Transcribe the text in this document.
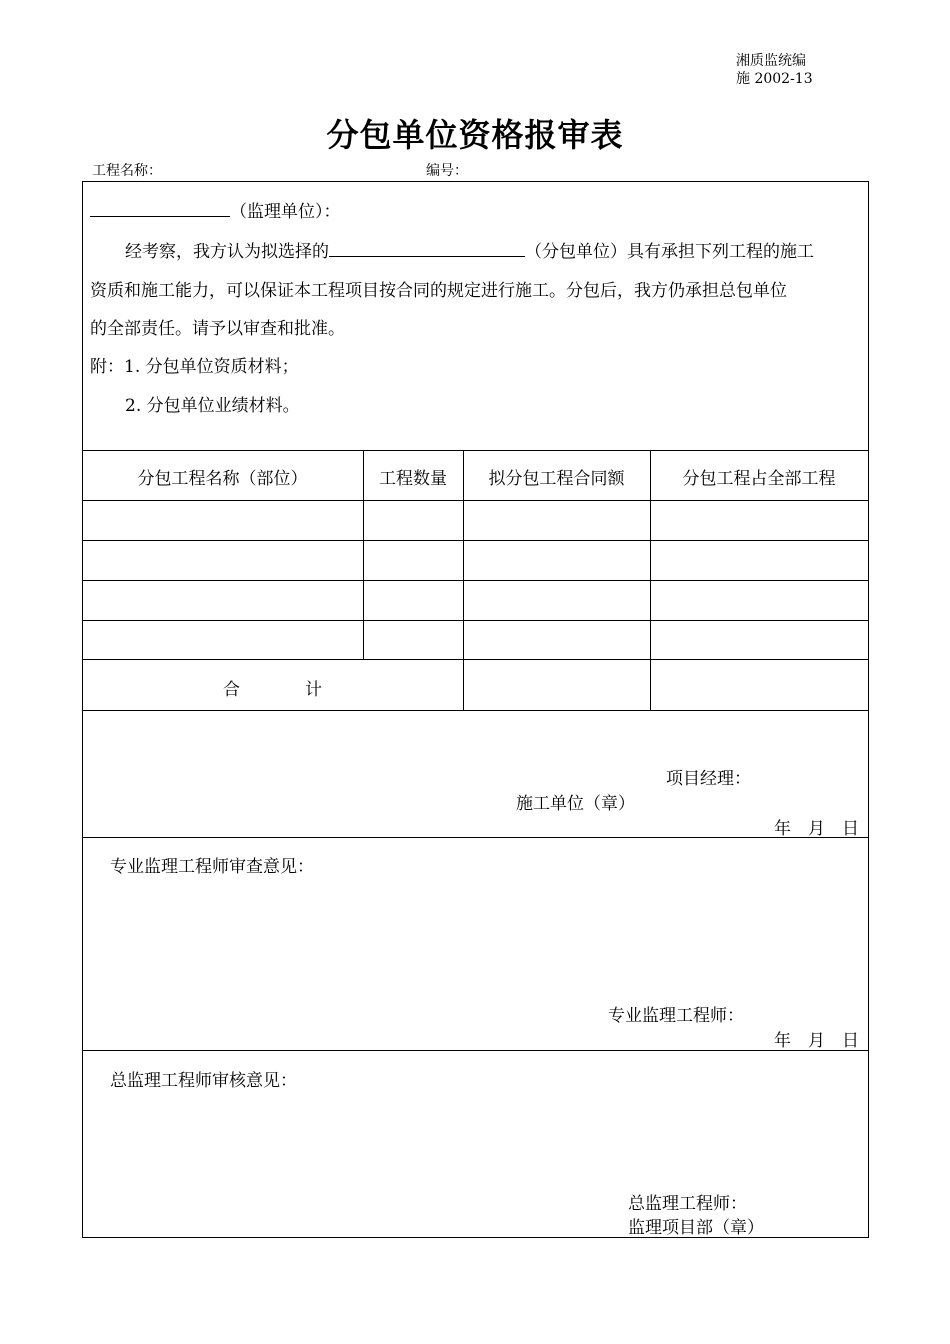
湘质监统编
施 2002-13
分包单位资格报审表
工程名称：	编号：
（监理单位）：
经考察，我方认为拟选择的	（分包单位）具有承担下列工程的施工
资质和施工能力，可以保证本工程项目按合同的规定进行施工。分包后，我方仍承担总包单位
的全部责任。请予以审查和批准。
附：1. 分包单位资质材料；
2. 分包单位业绩材料。
分包工程名称（部位）	工程数量	拟分包工程合同额	分包工程占全部工程
合	计
项目经理：
施工单位（章）
年　月　日
专业监理工程师审查意见：
专业监理工程师：
年　月　日
总监理工程师审核意见：
总监理工程师：
监理项目部（章）
